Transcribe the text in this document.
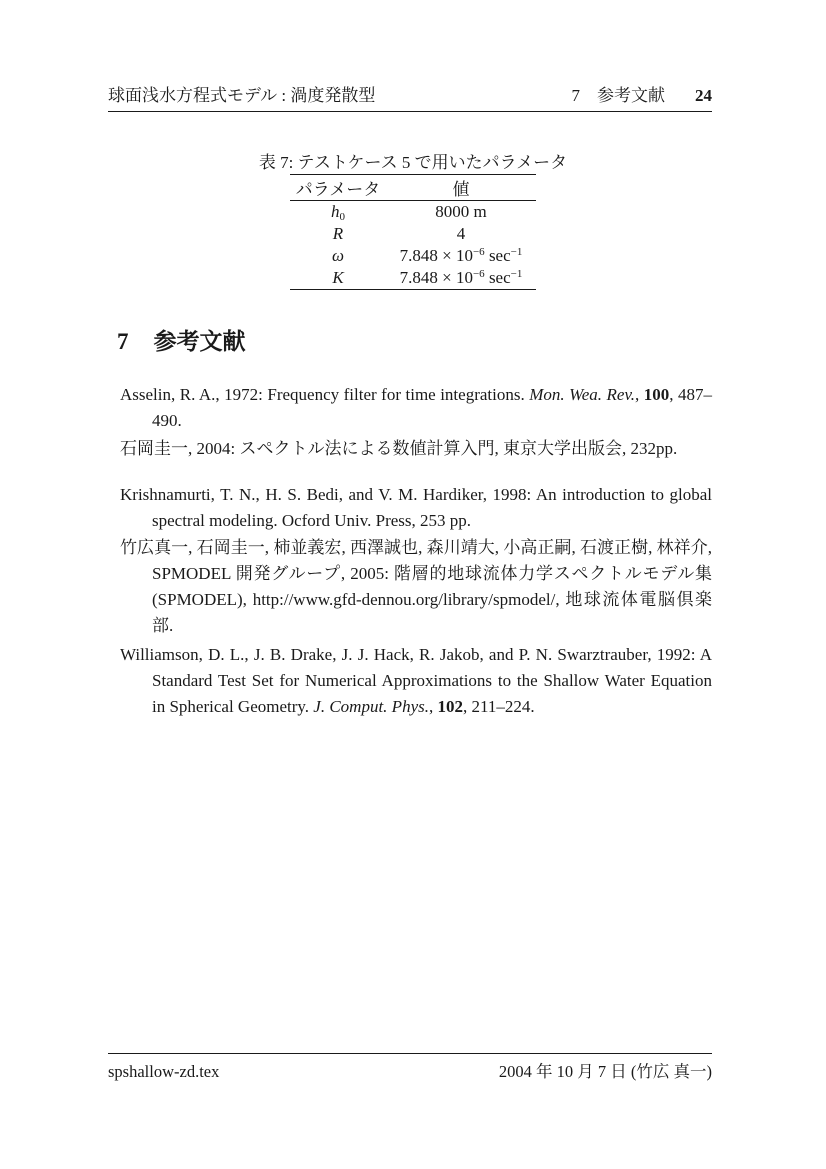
球面浅水方程式モデル : 渦度発散型	7　参考文献 24
表 7: テストケース 5 で用いたパラメータ
パラメータ	値
$h_0$	8000 m
R	4
ω	$7.848 \times 10^{-6}$ $\sec^{-1}$
K	$7.848 \times 10^{-6}$ $\sec^{-1}$
7 参考文献
Asselin, R. A., 1972: Frequency filter for time integrations. Mon. Wea. Rev., 100, 487–490.
石岡圭一, 2004: スペクトル法による数値計算入門, 東京大学出版会, 232pp.
Krishnamurti, T. N., H. S. Bedi, and V. M. Hardiker, 1998: An introduction to global spectral modeling. Ocford Univ. Press, 253 pp.
竹広真一, 石岡圭一, 柿並義宏, 西澤誠也, 森川靖大, 小高正嗣, 石渡正樹, 林祥介, SPMODEL 開発グループ, 2005: 階層的地球流体力学スペクトルモデル集 (SPMODEL), http://www.gfd-dennou.org/library/spmodel/, 地球流体電脳倶楽部.
Williamson, D. L., J. B. Drake, J. J. Hack, R. Jakob, and P. N. Swarztrauber, 1992: A Standard Test Set for Numerical Approximations to the Shallow Water Equation in Spherical Geometry. J. Comput. Phys., 102, 211–224.
spshallow-zd.tex	2004 年 10 月 7 日 (竹広 真一)
